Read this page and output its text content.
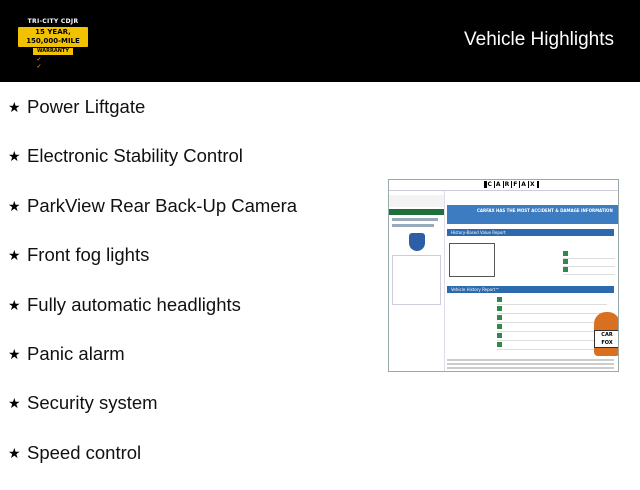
TRI-CITY CDJR
15 YEAR, 150,000-MILE
WARRANTY
✓ ✓
Vehicle Highlights
★ Power Liftgate
★ Electronic Stability Control
★ ParkView Rear Back-Up Camera
★ Front fog lights
★ Fully automatic headlights
★ Panic alarm
★ Security system
★ Speed control
C A R F A X

CARFAX HAS THE MOST ACCIDENT & DAMAGE INFORMATION
History-Based Value Report
Vehicle History Report™
CAR FOX
